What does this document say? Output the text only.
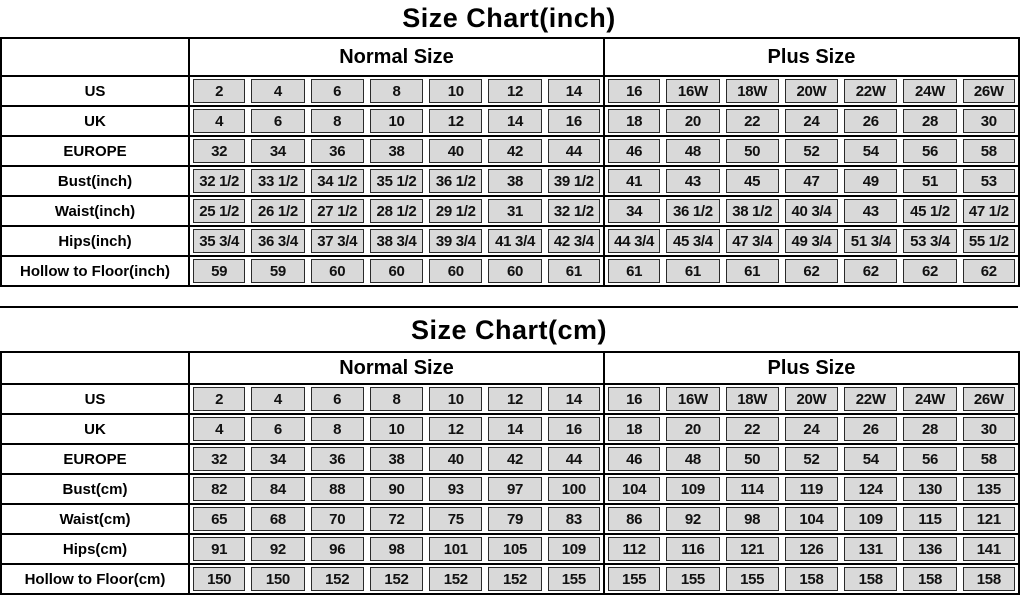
Size Chart(inch)
	Normal Size							Plus Size						
US	2	4	6	8	10	12	14	16	16W	18W	20W	22W	24W	26W

UK	4	6	8	10	12	14	16	18	20	22	24	26	28	30

EUROPE	32	34	36	38	40	42	44	46	48	50	52	54	56	58

Bust(inch)	32 1/2	33 1/2	34 1/2	35 1/2	36 1/2	38	39 1/2	41	43	45	47	49	51	53

Waist(inch)	25 1/2	26 1/2	27 1/2	28 1/2	29 1/2	31	32 1/2	34	36 1/2	38 1/2	40 3/4	43	45 1/2	47 1/2

Hips(inch)	35 3/4	36 3/4	37 3/4	38 3/4	39 3/4	41 3/4	42 3/4	44 3/4	45 3/4	47 3/4	49 3/4	51 3/4	53 3/4	55 1/2

Hollow to Floor(inch)	59	59	60	60	60	60	61	61	61	61	62	62	62	62
Size Chart(cm)
	Normal Size							Plus Size						
US	2	4	6	8	10	12	14	16	16W	18W	20W	22W	24W	26W

UK	4	6	8	10	12	14	16	18	20	22	24	26	28	30

EUROPE	32	34	36	38	40	42	44	46	48	50	52	54	56	58

Bust(cm)	82	84	88	90	93	97	100	104	109	114	119	124	130	135

Waist(cm)	65	68	70	72	75	79	83	86	92	98	104	109	115	121

Hips(cm)	91	92	96	98	101	105	109	112	116	121	126	131	136	141

Hollow to Floor(cm)	150	150	152	152	152	152	155	155	155	155	158	158	158	158
